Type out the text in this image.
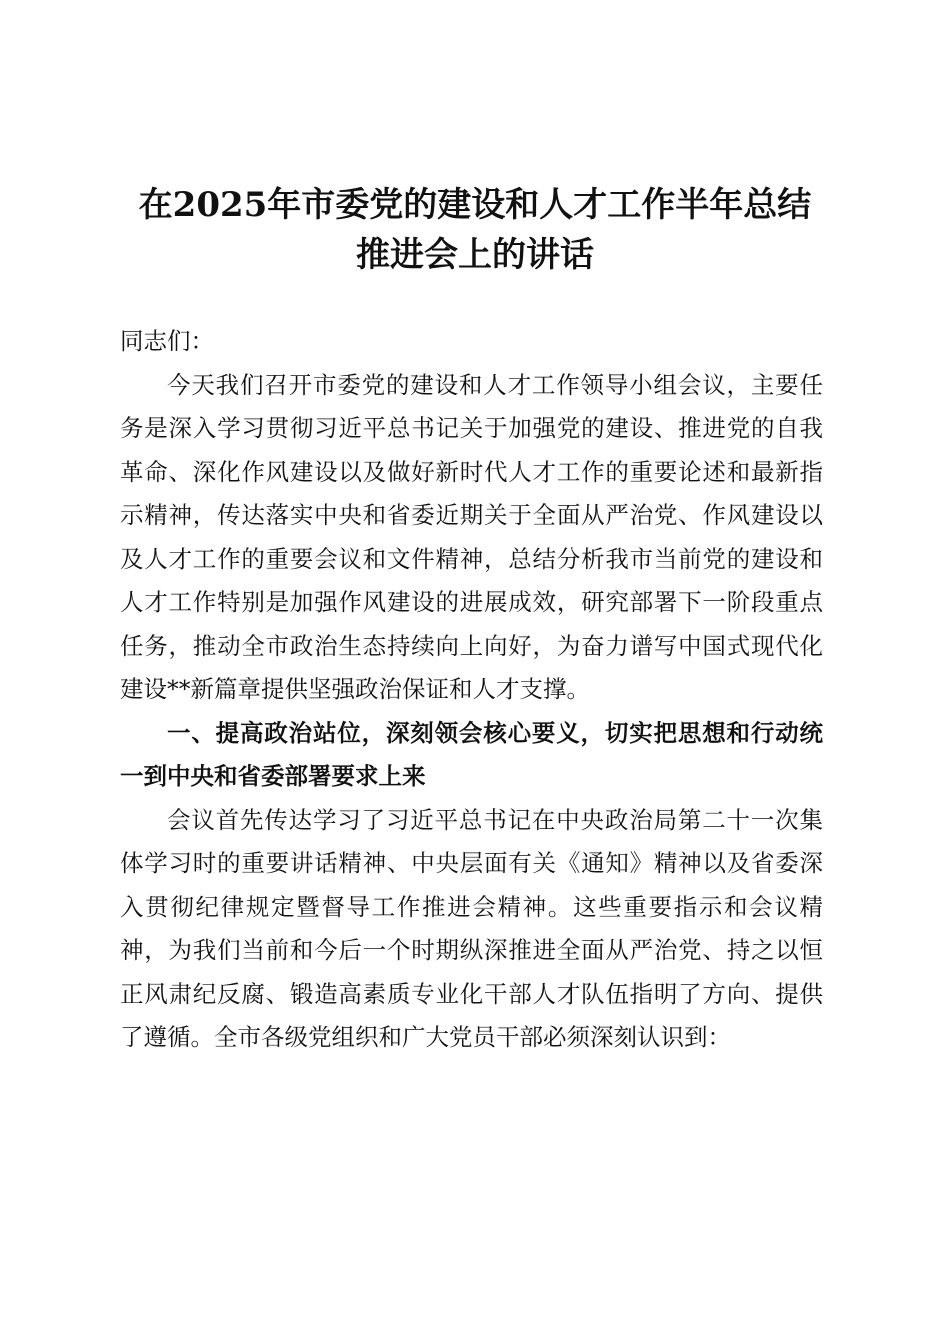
在2025年市委党的建设和人才工作半年总结
推进会上的讲话

同志们：

今天我们召开市委党的建设和人才工作领导小组会议，主要任务是深入学习贯彻习近平总书记关于加强党的建设、推进党的自我革命、深化作风建设以及做好新时代人才工作的重要论述和最新指示精神，传达落实中央和省委近期关于全面从严治党、作风建设以及人才工作的重要会议和文件精神，总结分析我市当前党的建设和人才工作特别是加强作风建设的进展成效，研究部署下一阶段重点任务，推动全市政治生态持续向上向好，为奋力谱写中国式现代化建设**新篇章提供坚强政治保证和人才支撑。

一、提高政治站位，深刻领会核心要义，切实把思想和行动统一到中央和省委部署要求上来

会议首先传达学习了习近平总书记在中央政治局第二十一次集体学习时的重要讲话精神、中央层面有关《通知》精神以及省委深入贯彻纪律规定暨督导工作推进会精神。这些重要指示和会议精神，为我们当前和今后一个时期纵深推进全面从严治党、持之以恒正风肃纪反腐、锻造高素质专业化干部人才队伍指明了方向、提供了遵循。全市各级党组织和广大党员干部必须深刻认识到：
